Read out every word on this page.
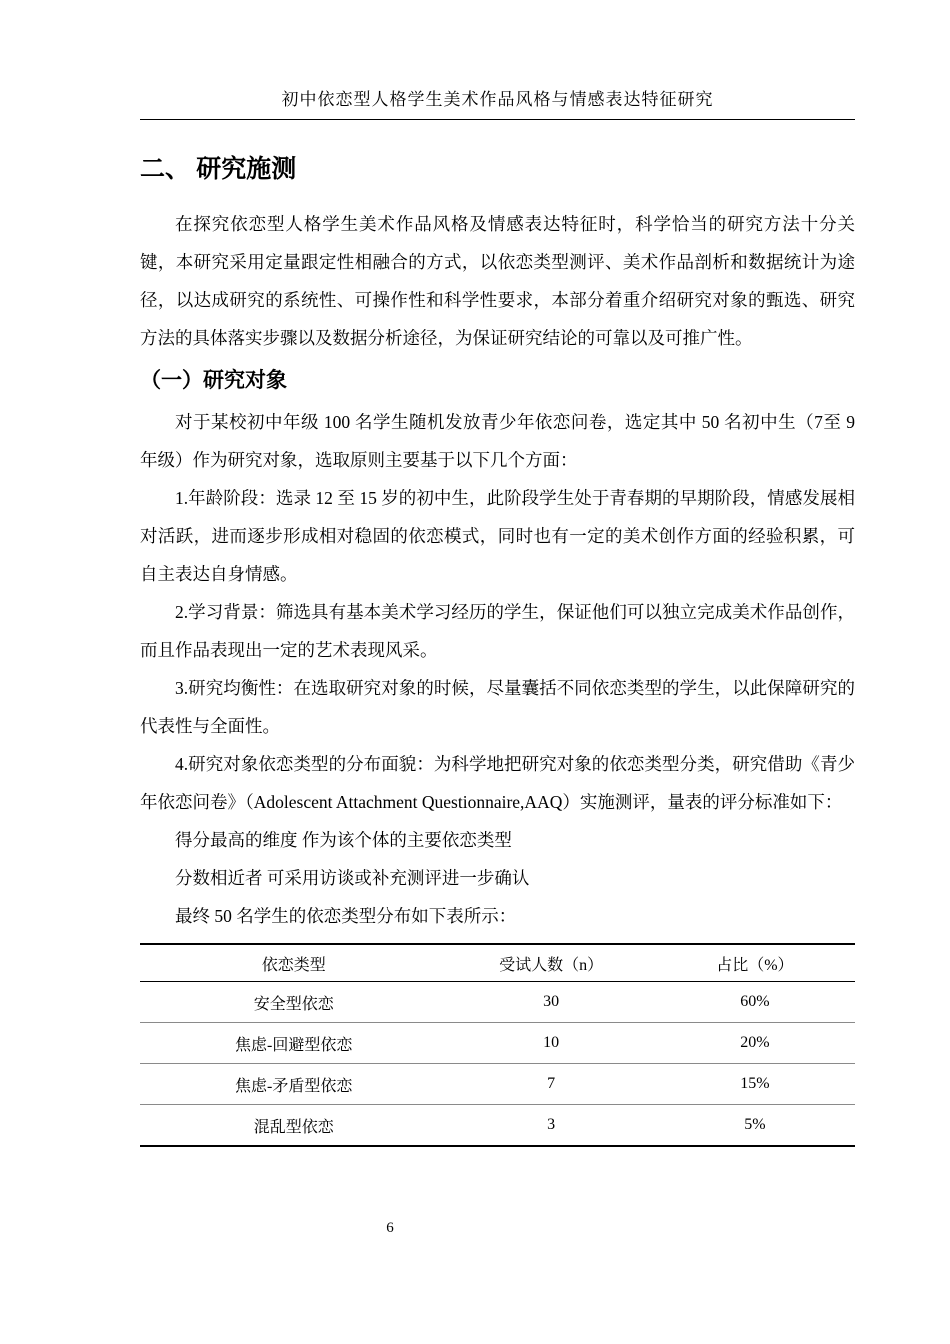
初中依恋型人格学生美术作品风格与情感表达特征研究
二、 研究施测

在探究依恋型人格学生美术作品风格及情感表达特征时，科学恰当的研究方法十分关键，本研究采用定量跟定性相融合的方式，以依恋类型测评、美术作品剖析和数据统计为途径，以达成研究的系统性、可操作性和科学性要求，本部分着重介绍研究对象的甄选、研究方法的具体落实步骤以及数据分析途径，为保证研究结论的可靠以及可推广性。

（一）研究对象

对于某校初中年级 100 名学生随机发放青少年依恋问卷，选定其中 50 名初中生（7至 9 年级）作为研究对象，选取原则主要基于以下几个方面：

1.年龄阶段：选录 12 至 15 岁的初中生，此阶段学生处于青春期的早期阶段，情感发展相对活跃，进而逐步形成相对稳固的依恋模式，同时也有一定的美术创作方面的经验积累，可自主表达自身情感。

2.学习背景：筛选具有基本美术学习经历的学生，保证他们可以独立完成美术作品创作，而且作品表现出一定的艺术表现风采。

3.研究均衡性：在选取研究对象的时候，尽量囊括不同依恋类型的学生，以此保障研究的代表性与全面性。

4.研究对象依恋类型的分布面貌：为科学地把研究对象的依恋类型分类，研究借助《青少年依恋问卷》（Adolescent Attachment Questionnaire,AAQ）实施测评，量表的评分标准如下：

得分最高的维度 作为该个体的主要依恋类型

分数相近者 可采用访谈或补充测评进一步确认

最终 50 名学生的依恋类型分布如下表所示：

依恋类型	受试人数（n）	占比（%）
安全型依恋	30	60%
焦虑-回避型依恋	10	20%
焦虑-矛盾型依恋	7	15%
混乱型依恋	3	5%
6
